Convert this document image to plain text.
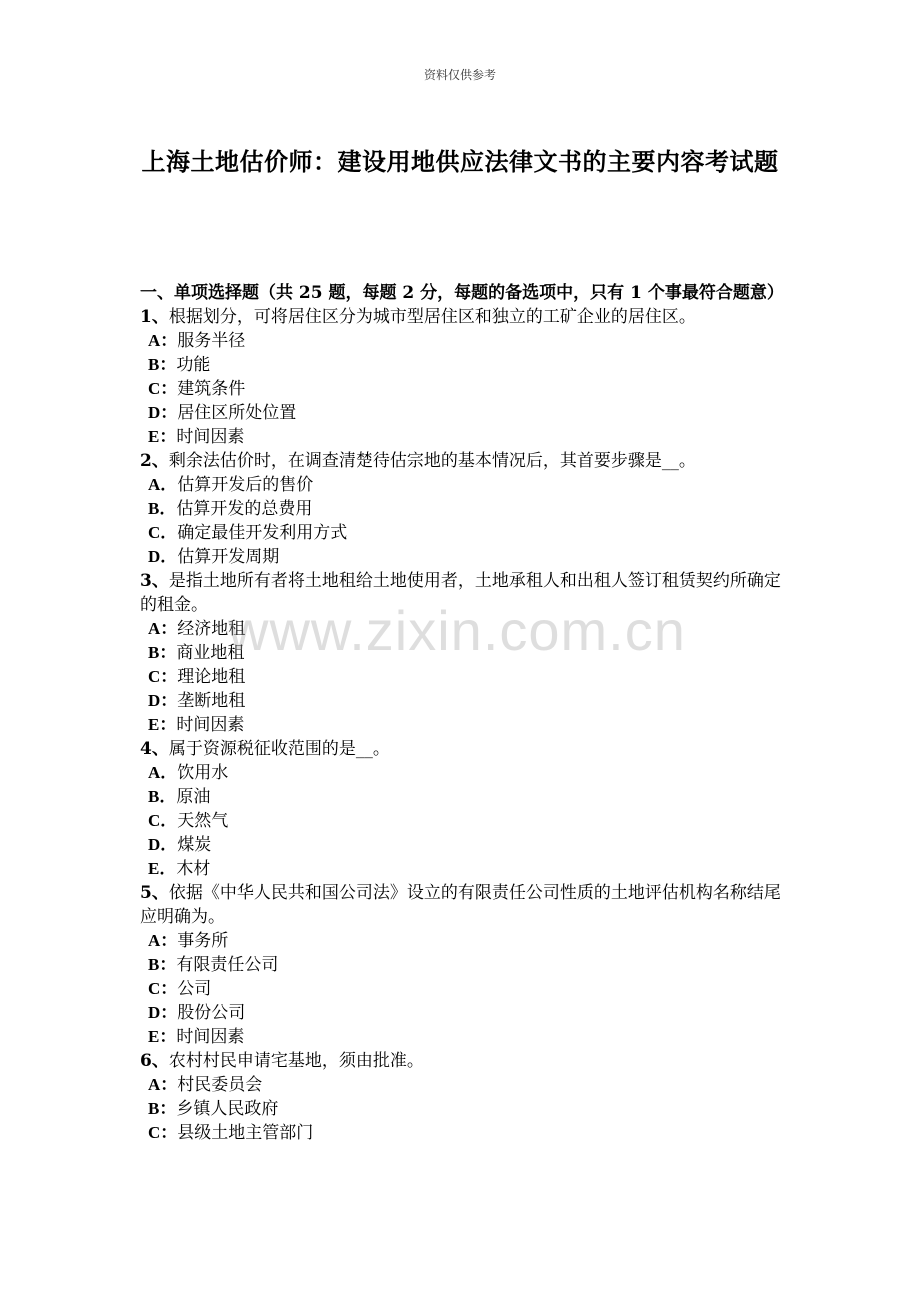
资料仅供参考
上海土地估价师：建设用地供应法律文书的主要内容考试题
一、单项选择题（共 25 题，每题 2 分，每题的备选项中，只有 1 个事最符合题意）
1、根据划分，可将居住区分为城市型居住区和独立的工矿企业的居住区。
A：服务半径
B：功能
C：建筑条件
D：居住区所处位置
E：时间因素
2、剩余法估价时，在调查清楚待估宗地的基本情况后，其首要步骤是__。
A．估算开发后的售价
B．估算开发的总费用
C．确定最佳开发利用方式
D．估算开发周期
3、是指土地所有者将土地租给土地使用者，土地承租人和出租人签订租赁契约所确定的租金。
A：经济地租
B：商业地租
C：理论地租
D：垄断地租
E：时间因素
4、属于资源税征收范围的是__。
A．饮用水
B．原油
C．天然气
D．煤炭
E．木材
5、依据《中华人民共和国公司法》设立的有限责任公司性质的土地评估机构名称结尾应明确为。
A：事务所
B：有限责任公司
C：公司
D：股份公司
E：时间因素
6、农村村民申请宅基地，须由批准。
A：村民委员会
B：乡镇人民政府
C：县级土地主管部门
www.zixin.com.cn
